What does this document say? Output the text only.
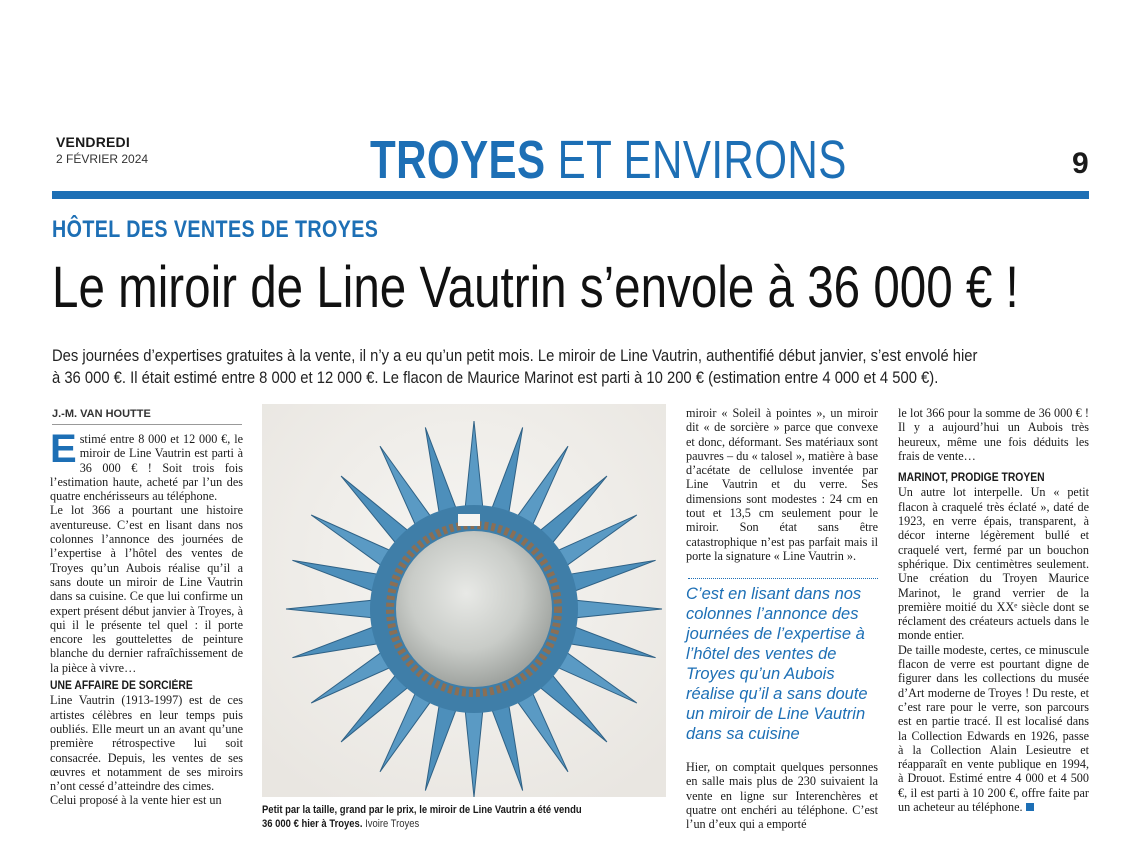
VENDREDI
2 FÉVRIER 2024	TROYES ET ENVIRONS	9
HÔTEL DES VENTES DE TROYES
Le miroir de Line Vautrin s’envole à 36 000 € !
Des journées d’expertises gratuites à la vente, il n’y a eu qu’un petit mois. Le miroir de Line Vautrin, authentifié début janvier, s’est envolé hier
à 36 000 €. Il était estimé entre 8 000 et 12 000 €. Le flacon de Maurice Marinot est parti à 10 200 € (estimation entre 4 000 et 4 500 €).
J.-M. VAN HOUTTE

Estimé entre 8 000 et 12 000 €, le miroir de Line Vautrin est parti à 36 000 € ! Soit trois fois l’estimation haute, acheté par l’un des quatre enchérisseurs au téléphone.

Le lot 366 a pourtant une histoire aventureuse. C’est en lisant dans nos colonnes l’annonce des journées de l’expertise à l’hôtel des ventes de Troyes qu’un Aubois réalise qu’il a sans doute un miroir de Line Vautrin dans sa cuisine. Ce que lui confirme un expert présent début janvier à Troyes, à qui il le présente tel quel : il porte encore les gouttelettes de peinture blanche du dernier rafraîchissement de la pièce à vivre…

UNE AFFAIRE DE SORCIÈRE

Line Vautrin (1913-1997) est de ces artistes célèbres en leur temps puis oubliés. Elle meurt un an avant qu’une première rétrospective lui soit consacrée. Depuis, les ventes de ses œuvres et notamment de ses miroirs n’ont cessé d’atteindre des cimes.

Celui proposé à la vente hier est un

Petit par la taille, grand par le prix, le miroir de Line Vautrin a été vendu
36 000 € hier à Troyes. Ivoire Troyes

miroir « Soleil à pointes », un miroir dit « de sorcière » parce que convexe et donc, déformant. Ses matériaux sont pauvres – du « talosel », matière à base d’acétate de cellulose inventée par Line Vautrin et du verre. Ses dimensions sont modestes : 24 cm en tout et 13,5 cm seulement pour le miroir. Son état sans être catastrophique n’est pas parfait mais il porte la signature « Line Vautrin ».

C’est en lisant dans nos colonnes l’annonce des journées de l’expertise à l’hôtel des ventes de Troyes qu’un Aubois réalise qu’il a sans doute un miroir de Line Vautrin dans sa cuisine

Hier, on comptait quelques personnes en salle mais plus de 230 suivaient la vente en ligne sur Interenchères et quatre ont enchéri au téléphone. C’est l’un d’eux qui a emporté

le lot 366 pour la somme de 36 000 € ! Il y a aujourd’hui un Aubois très heureux, même une fois déduits les frais de vente…

MARINOT, PRODIGE TROYEN

Un autre lot interpelle. Un « petit flacon à craquelé très éclaté », daté de 1923, en verre épais, transparent, à décor interne légèrement bullé et craquelé vert, fermé par un bouchon sphérique. Dix centimètres seulement. Une création du Troyen Maurice Marinot, le grand verrier de la première moitié du XXᵉ siècle dont se réclament des créateurs actuels dans le monde entier.

De taille modeste, certes, ce minuscule flacon de verre est pourtant digne de figurer dans les collections du musée d’Art moderne de Troyes ! Du reste, et c’est rare pour le verre, son parcours est en partie tracé. Il est localisé dans la Collection Edwards en 1926, passe à la Collection Alain Lesieutre et réapparaît en vente publique en 1994, à Drouot. Estimé entre 4 000 et 4 500 €, il est parti à 10 200 €, offre faite par un acheteur au téléphone.
